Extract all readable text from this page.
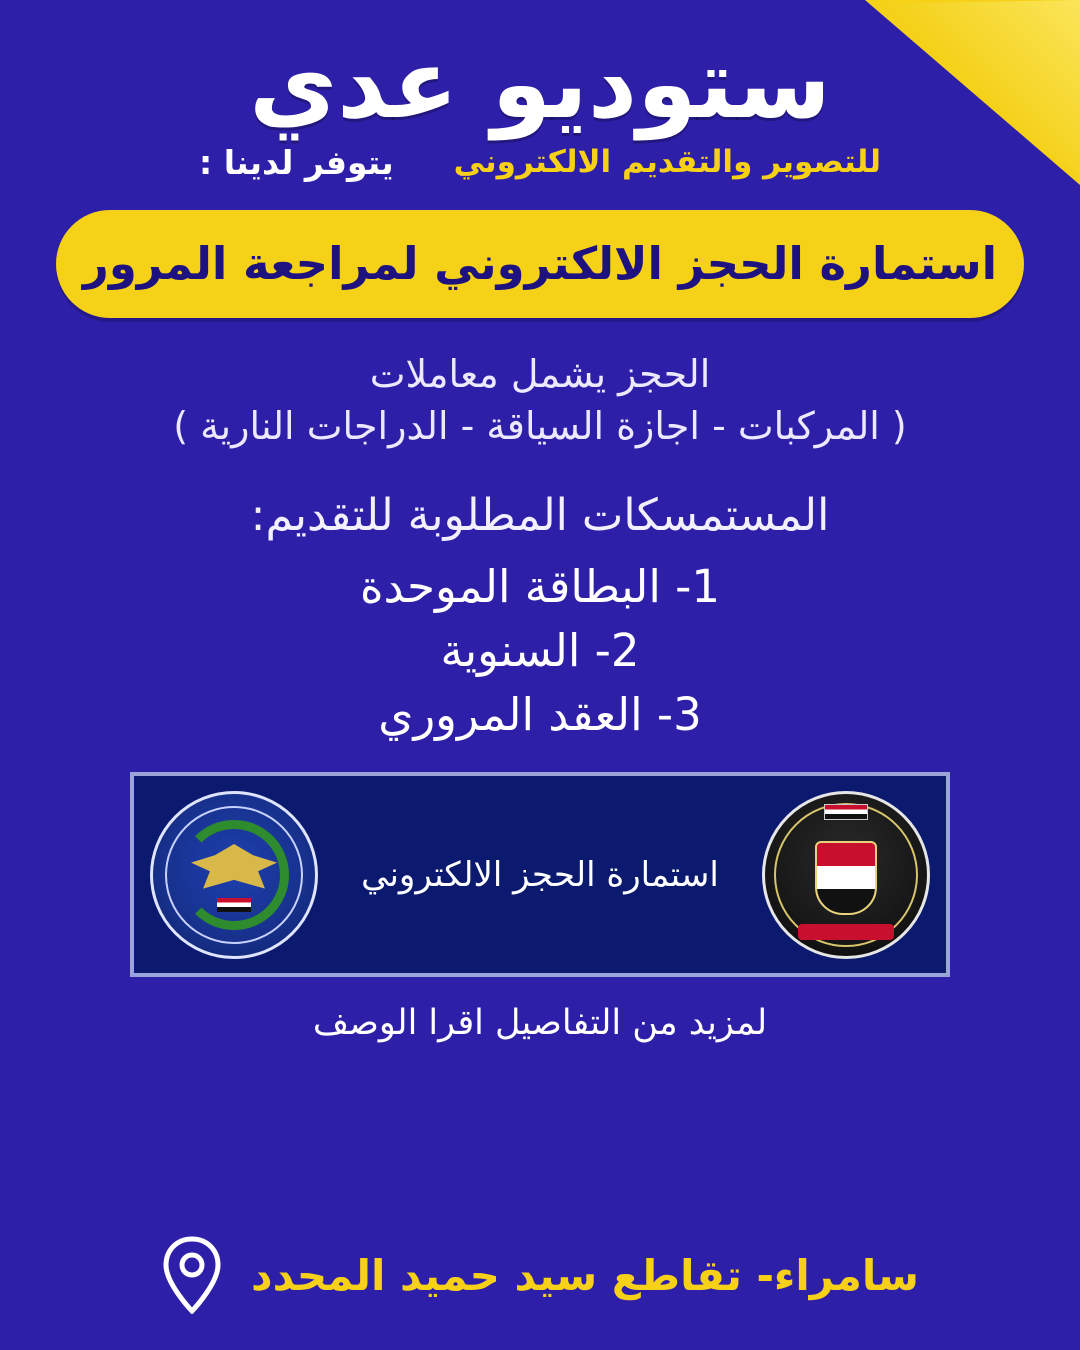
ستوديو عدي
للتصوير والتقديم الالكتروني
يتوفر لدينا :
استمارة الحجز الالكتروني لمراجعة المرور
الحجز يشمل معاملات
( المركبات - اجازة السياقة - الدراجات النارية )
المستمسكات المطلوبة للتقديم:
1- البطاقة الموحدة
2- السنوية
3- العقد المروري
استمارة الحجز الالكتروني
لمزيد من التفاصيل اقرا الوصف
سامراء- تقاطع سيد حميد المحدد
